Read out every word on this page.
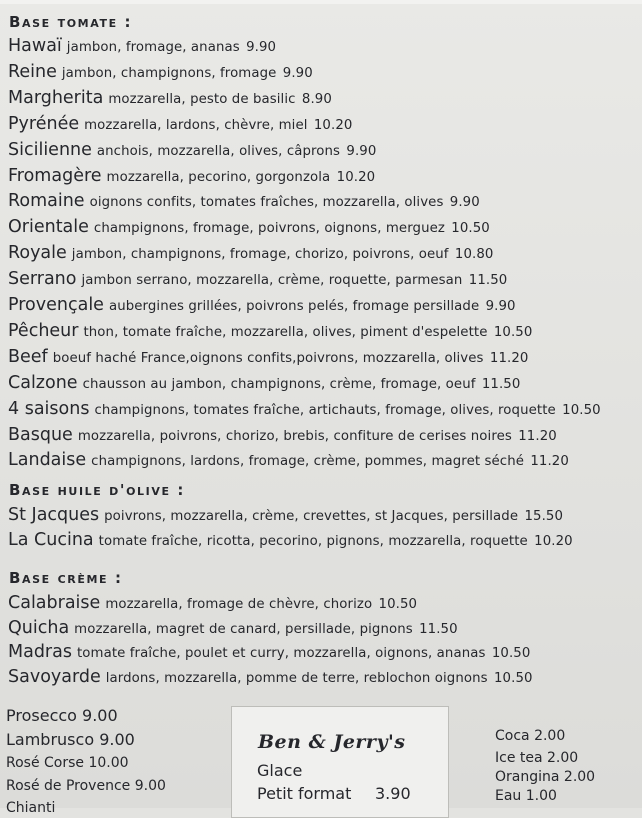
Base tomate :
Hawaï jambon, fromage, ananas 9.90
Reine jambon, champignons, fromage 9.90
Margherita mozzarella, pesto de basilic 8.90
Pyrénée mozzarella, lardons, chèvre, miel 10.20
Sicilienne anchois, mozzarella, olives, câprons 9.90
Fromagère mozzarella, pecorino, gorgonzola 10.20
Romaine oignons confits, tomates fraîches, mozzarella, olives 9.90
Orientale champignons, fromage, poivrons, oignons, merguez 10.50
Royale jambon, champignons, fromage, chorizo, poivrons, oeuf 10.80
Serrano jambon serrano, mozzarella, crème, roquette, parmesan 11.50
Provençale aubergines grillées, poivrons pelés, fromage persillade 9.90
Pêcheur thon, tomate fraîche, mozzarella, olives, piment d'espelette 10.50
Beef boeuf haché France,oignons confits,poivrons, mozzarella, olives 11.20
Calzone chausson au jambon, champignons, crème, fromage, oeuf 11.50
4 saisons champignons, tomates fraîche, artichauts, fromage, olives, roquette 10.50
Basque mozzarella, poivrons, chorizo, brebis, confiture de cerises noires 11.20
Landaise champignons, lardons, fromage, crème, pommes, magret séché 11.20
Base huile d'olive :
St Jacques poivrons, mozzarella, crème, crevettes, st Jacques, persillade 15.50
La Cucina tomate fraîche, ricotta, pecorino, pignons, mozzarella, roquette 10.20
Base crème :
Calabraise mozzarella, fromage de chèvre, chorizo 10.50
Quicha mozzarella, magret de canard, persillade, pignons 11.50
Madras tomate fraîche, poulet et curry, mozzarella, oignons, ananas 10.50
Savoyarde lardons, mozzarella, pomme de terre, reblochon oignons 10.50
Prosecco 9.00
Lambrusco 9.00
Rosé Corse 10.00
Rosé de Provence 9.00
Chianti
Ben & Jerry's
Glace
Petit format 3.90
Coca 2.00
Ice tea 2.00
Orangina 2.00
Eau 1.00
